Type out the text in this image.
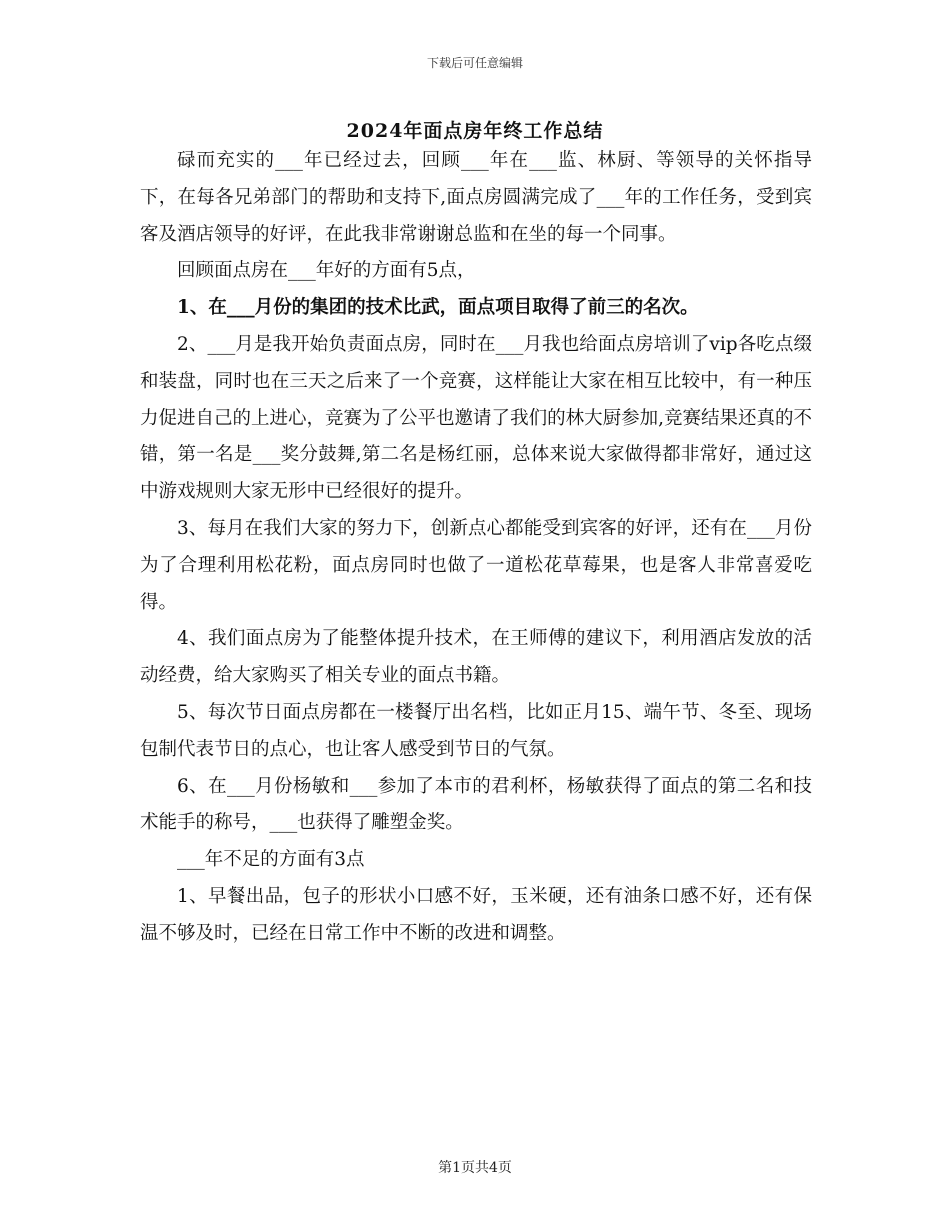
下载后可任意编辑
2024年面点房年终工作总结

碌而充实的___年已经过去，回顾___年在___监、林厨、等领导的关怀指导下，在每各兄弟部门的帮助和支持下,面点房圆满完成了___年的工作任务，受到宾客及酒店领导的好评，在此我非常谢谢总监和在坐的每一个同事。

回顾面点房在___年好的方面有5点，

1、在___月份的集团的技术比武，面点项目取得了前三的名次。

2、___月是我开始负责面点房，同时在___月我也给面点房培训了vip各吃点缀和装盘，同时也在三天之后来了一个竞赛，这样能让大家在相互比较中，有一种压力促进自己的上进心，竞赛为了公平也邀请了我们的林大厨参加,竞赛结果还真的不错，第一名是___奖分鼓舞,第二名是杨红丽，总体来说大家做得都非常好，通过这中游戏规则大家无形中已经很好的提升。

3、每月在我们大家的努力下，创新点心都能受到宾客的好评，还有在___月份为了合理利用松花粉，面点房同时也做了一道松花草莓果，也是客人非常喜爱吃得。

4、我们面点房为了能整体提升技术，在王师傅的建议下，利用酒店发放的活动经费，给大家购买了相关专业的面点书籍。

5、每次节日面点房都在一楼餐厅出名档，比如正月15、端午节、冬至、现场包制代表节日的点心，也让客人感受到节日的气氛。

6、在___月份杨敏和___参加了本市的君利杯，杨敏获得了面点的第二名和技术能手的称号，___也获得了雕塑金奖。

___年不足的方面有3点

1、早餐出品，包子的形状小口感不好，玉米硬，还有油条口感不好，还有保温不够及时，已经在日常工作中不断的改进和调整。

第1页共4页
